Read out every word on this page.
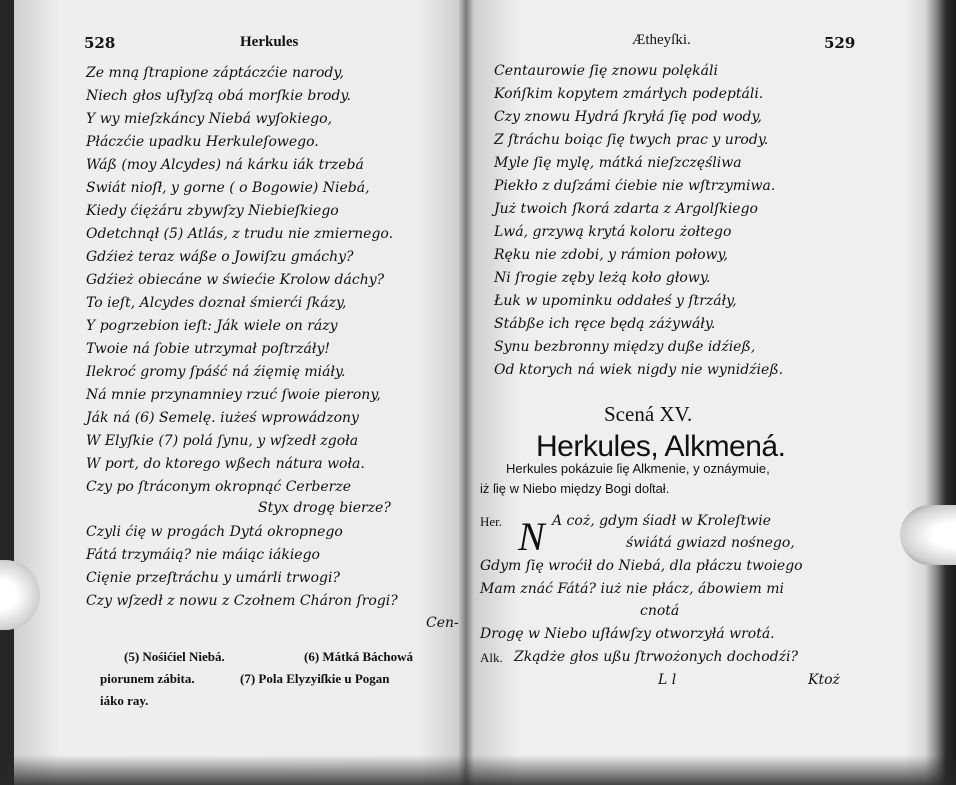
528	Herkules
Ze mną ſtrapione záptáczćie narody,
Niech głos uſłyſzą obá morſkie brody.
Y wy mieſzkáncy Niebá wyſokiego,
Płáczćie upadku Herkuleſowego.
Wáß (moy Alcydes) ná kárku iák trzebá
Swiát nioſł, y gorne ( o Bogowie) Niebá,
Kiedy ćiężáru zbywſzy Niebieſkiego
Odetchnął (5) Atlás, z trudu nie zmiernego.
Gdźież teraz wáße o Jowiſzu gmáchy?
Gdźież obiecáne w świećie Krolow dáchy?
To ieſt, Alcydes doznał śmierći ſkázy,
Y pogrzebion ieſt: Ják wiele on rázy
Twoie ná ſobie utrzymał poſtrzáły!
Ilekroć gromy ſpáść ná źięmię miáły.
Ná mnie przynamniey rzuć ſwoie pierony,
Ják ná (6) Semelę. iużeś wprowádzony
W Elyſkie (7) polá ſynu, y wſzedł zgoła
W port, do ktorego wßech nátura woła.
Czy po ſtráconym okropnąć Cerberze
Styx drogę bierze?
Czyli ćię w progách Dytá okropnego
Fátá trzymáią? nie máiąc iákiego
Cięnie przeſtráchu y umárli trwogi?
Czy wſzedł z nowu z Czołnem Cháron ſrogi?
Cen-
(5) Nośićiel Niebá.	(6) Mátká Báchowá
piorunem zábita.	(7) Pola Elyzyiſkie u Pogan
iáko ray.
Ætheyſki.	529
Centaurowie ſię znowu polękáli
Końſkim kopytem zmárłych podeptáli.
Czy znowu Hydrá ſkryłá ſię pod wody,
Z ſtráchu boiąc ſię twych prac y urody.
Myle ſię mylę, mátká nieſzczęśliwa
Piekło z duſzámi ćiebie nie wſtrzymiwa.
Już twoich ſkorá zdarta z Argolſkiego
Lwá, grzywą krytá koloru żołtego
Ręku nie zdobi, y rámion połowy,
Ni ſrogie zęby leżą koło głowy.
Łuk w upominku oddałeś y ſtrzáły,
Stábße ich ręce będą záżywáły.
Synu bezbronny między duße idźieß,
Od ktorych ná wiek nigdy nie wynidźieß.
Scená XV.
Herkules, Alkmená.
Herkules pokázuie ſię Alkmenie, y oznáymuie,
iż ſię w Niebo między Bogi doſtał.
Her. N A coż, gdym śiadł w Kroleſtwie
świátá gwiazd nośnego,
Gdym ſię wroćił do Niebá, dla płáczu twoiego
Mam znáć Fátá? iuż nie płácz, ábowiem mi
cnotá
Drogę w Niebo uſłáwſzy otworzyłá wrotá.
Alk. Zkądże głos ußu ſtrwożonych dochodźi?
L l	Ktoż
